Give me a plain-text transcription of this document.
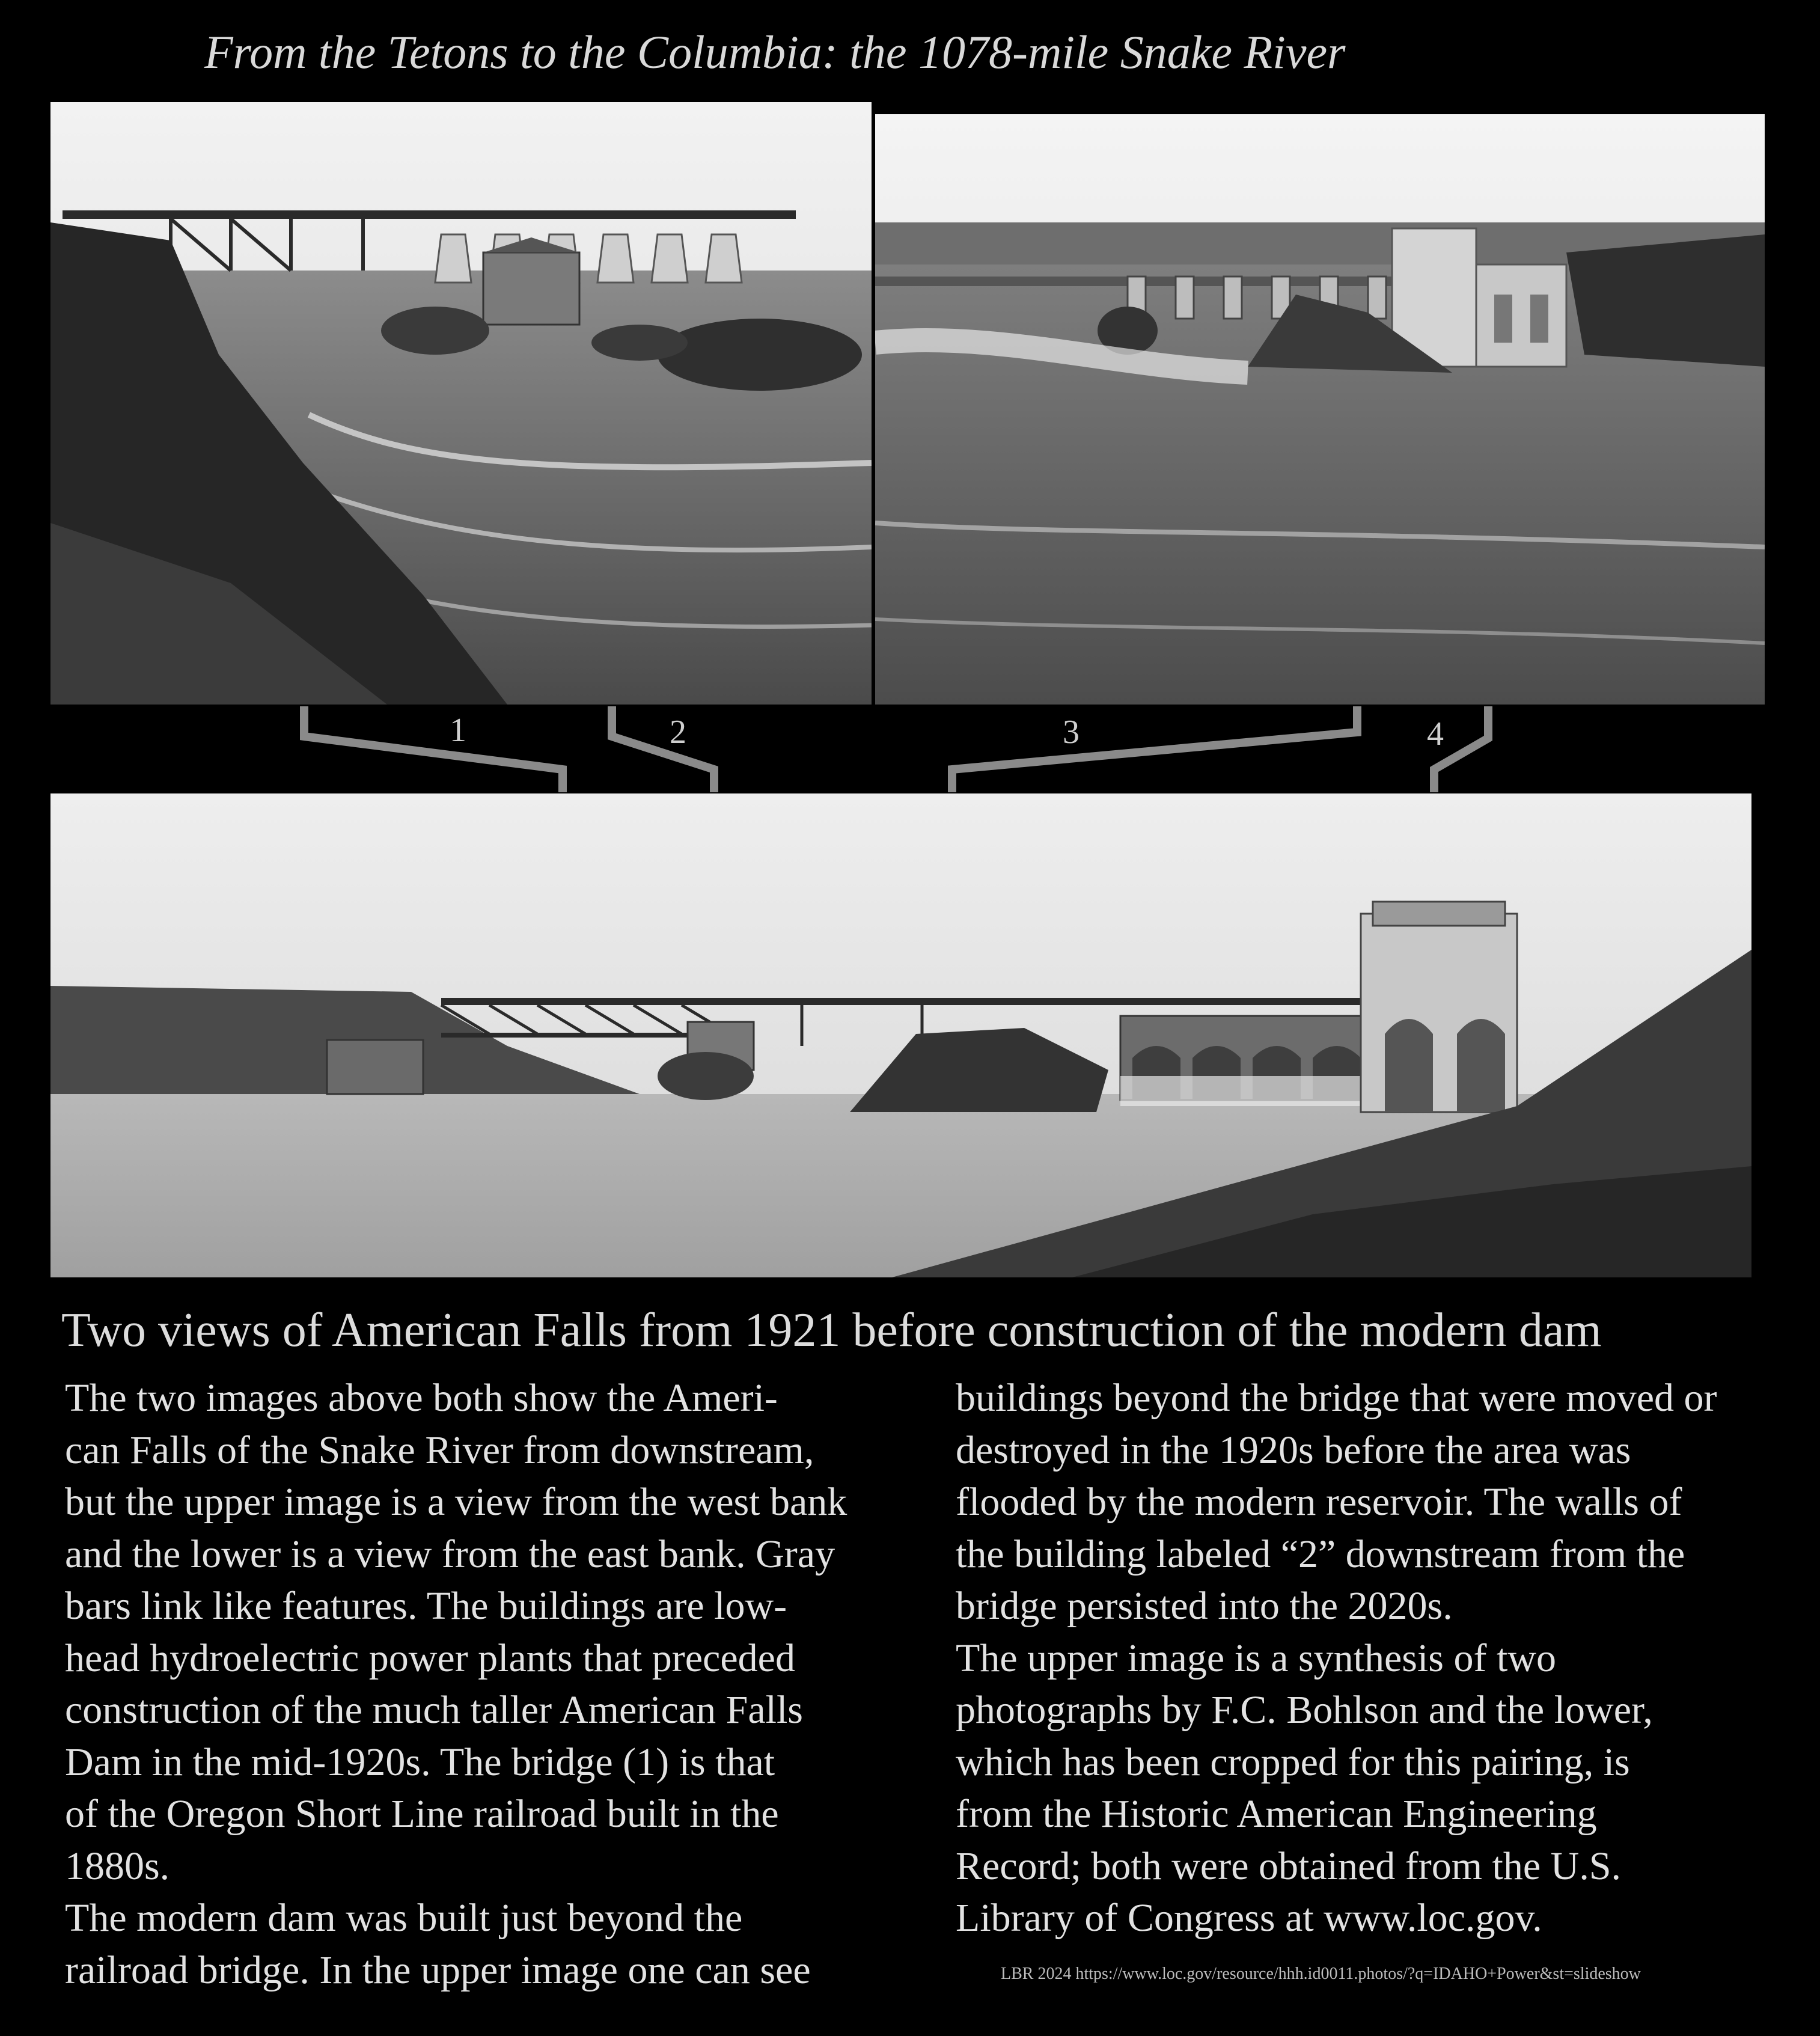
From the Tetons to the Columbia: the 1078-mile Snake River
1	2	3	4
Two views of American Falls from 1921 before construction of the modern dam

The two images above both show the Ameri-
can Falls of the Snake River from downstream,
but the upper image is a view from the west bank
and the lower is a view from the east bank. Gray
bars link like features. The buildings are low-
head hydroelectric power plants that preceded
construction of the much taller American Falls
Dam in the mid-1920s. The bridge (1) is that
of the Oregon Short Line railroad built in the
1880s.

The modern dam was built just beyond the
railroad bridge. In the upper image one can see

buildings beyond the bridge that were moved or
destroyed in the 1920s before the area was
flooded by the modern reservoir. The walls of
the building labeled “2” downstream from the
bridge persisted into the 2020s.

The upper image is a synthesis of two
photographs by F.C. Bohlson and the lower,
which has been cropped for this pairing, is
from the Historic American Engineering
Record; both were obtained from the U.S.
Library of Congress at www.loc.gov.

LBR 2024 https://www.loc.gov/resource/hhh.id0011.photos/?q=IDAHO+Power&st=slideshow
